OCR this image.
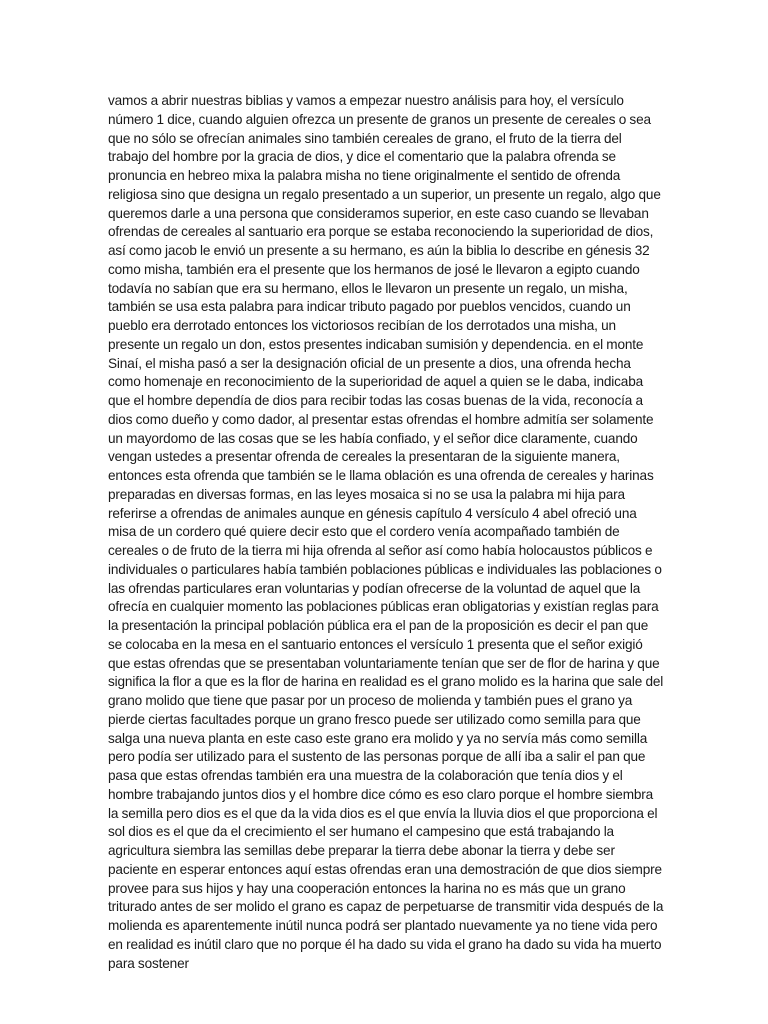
vamos a abrir nuestras biblias y vamos a empezar nuestro análisis para hoy, el versículo número 1 dice, cuando alguien ofrezca un presente de granos un presente de cereales o sea que no sólo se ofrecían animales sino también cereales de grano, el fruto de la tierra del trabajo del hombre por la gracia de dios, y dice el comentario que la palabra ofrenda se pronuncia en hebreo mixa la palabra misha no tiene originalmente el sentido de ofrenda religiosa sino que designa un regalo presentado a un superior, un presente un regalo, algo que queremos darle a una persona que consideramos superior, en este caso cuando se llevaban ofrendas de cereales al santuario era porque se estaba reconociendo la superioridad de dios, así como jacob le envió un presente a su hermano, es aún la biblia lo describe en génesis 32 como misha, también era el presente que los hermanos de josé le llevaron a egipto cuando todavía no sabían que era su hermano, ellos le llevaron un presente un regalo, un misha, también se usa esta palabra para indicar tributo pagado por pueblos vencidos, cuando un pueblo era derrotado entonces los victoriosos recibían de los derrotados una misha, un presente un regalo un don, estos presentes indicaban sumisión y dependencia. en el monte Sinaí, el misha pasó a ser la designación oficial de un presente a dios, una ofrenda hecha como homenaje en reconocimiento de la superioridad de aquel a quien se le daba, indicaba que el hombre dependía de dios para recibir todas las cosas buenas de la vida, reconocía a dios como dueño y como dador, al presentar estas ofrendas el hombre admitía ser solamente un mayordomo de las cosas que se les había confiado, y el señor dice claramente, cuando vengan ustedes a presentar ofrenda de cereales la presentaran de la siguiente manera, entonces esta ofrenda que también se le llama oblación es una ofrenda de cereales y harinas preparadas en diversas formas, en las leyes mosaica si no se usa la palabra mi hija para referirse a ofrendas de animales aunque en génesis capítulo 4 versículo 4 abel ofreció una misa de un cordero qué quiere decir esto que el cordero venía acompañado también de cereales o de fruto de la tierra mi hija ofrenda al señor así como había holocaustos públicos e individuales o particulares había también poblaciones públicas e individuales las poblaciones o las ofrendas particulares eran voluntarias y podían ofrecerse de la voluntad de aquel que la ofrecía en cualquier momento las poblaciones públicas eran obligatorias y existían reglas para la presentación la principal población pública era el pan de la proposición es decir el pan que se colocaba en la mesa en el santuario entonces el versículo 1 presenta que el señor exigió que estas ofrendas que se presentaban voluntariamente tenían que ser de flor de harina y que significa la flor a que es la flor de harina en realidad es el grano molido es la harina que sale del grano molido que tiene que pasar por un proceso de molienda y también pues el grano ya pierde ciertas facultades porque un grano fresco puede ser utilizado como semilla para que salga una nueva planta en este caso este grano era molido y ya no servía más como semilla pero podía ser utilizado para el sustento de las personas porque de allí iba a salir el pan que pasa que estas ofrendas también era una muestra de la colaboración que tenía dios y el hombre trabajando juntos dios y el hombre dice cómo es eso claro porque el hombre siembra la semilla pero dios es el que da la vida dios es el que envía la lluvia dios el que proporciona el sol dios es el que da el crecimiento el ser humano el campesino que está trabajando la agricultura siembra las semillas debe preparar la tierra debe abonar la tierra y debe ser paciente en esperar entonces aquí estas ofrendas eran una demostración de que dios siempre provee para sus hijos y hay una cooperación entonces la harina no es más que un grano triturado antes de ser molido el grano es capaz de perpetuarse de transmitir vida después de la molienda es aparentemente inútil nunca podrá ser plantado nuevamente ya no tiene vida pero en realidad es inútil claro que no porque él ha dado su vida el grano ha dado su vida ha muerto para sostener
